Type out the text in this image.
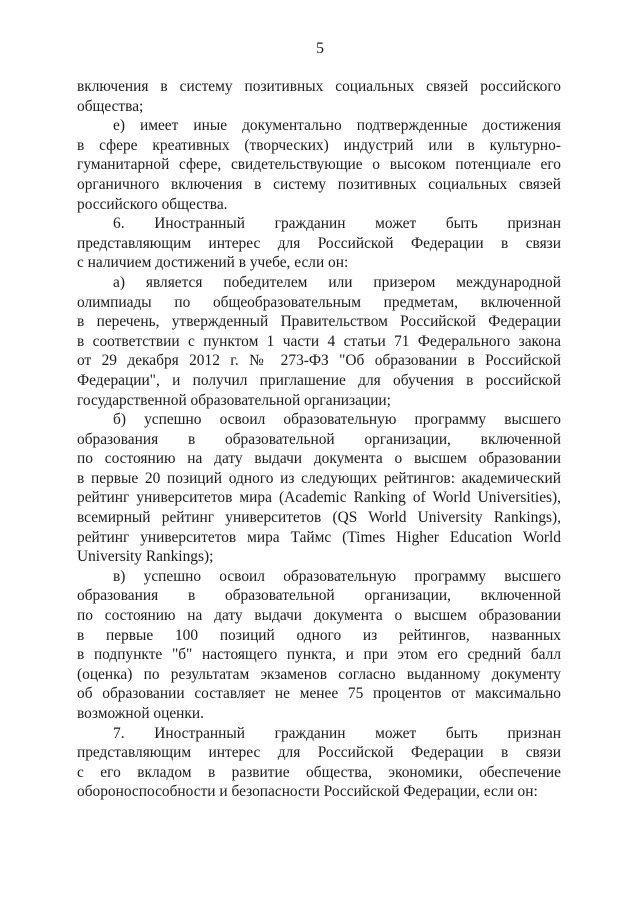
5
включения в систему позитивных социальных связей российского
общества;
е) имеет иные документально подтвержденные достижения
в сфере креативных (творческих) индустрий или в культурно-
гуманитарной сфере, свидетельствующие о высоком потенциале его
органичного включения в систему позитивных социальных связей
российского общества.
6. Иностранный гражданин может быть признан
представляющим интерес для Российской Федерации в связи
с наличием достижений в учебе, если он:
а) является победителем или призером международной
олимпиады по общеобразовательным предметам, включенной
в перечень, утвержденный Правительством Российской Федерации
в соответствии с пунктом 1 части 4 статьи 71 Федерального закона
от 29 декабря 2012 г. № 273-ФЗ "Об образовании в Российской
Федерации", и получил приглашение для обучения в российской
государственной образовательной организации;
б) успешно освоил образовательную программу высшего
образования в образовательной организации, включенной
по состоянию на дату выдачи документа о высшем образовании
в первые 20 позиций одного из следующих рейтингов: академический
рейтинг университетов мира (Academic Ranking of World Universities),
всемирный рейтинг университетов (QS World University Rankings),
рейтинг университетов мира Таймс (Times Higher Education World
University Rankings);
в) успешно освоил образовательную программу высшего
образования в образовательной организации, включенной
по состоянию на дату выдачи документа о высшем образовании
в первые 100 позиций одного из рейтингов, названных
в подпункте "б" настоящего пункта, и при этом его средний балл
(оценка) по результатам экзаменов согласно выданному документу
об образовании составляет не менее 75 процентов от максимально
возможной оценки.
7. Иностранный гражданин может быть признан
представляющим интерес для Российской Федерации в связи
с его вкладом в развитие общества, экономики, обеспечение
обороноспособности и безопасности Российской Федерации, если он:
